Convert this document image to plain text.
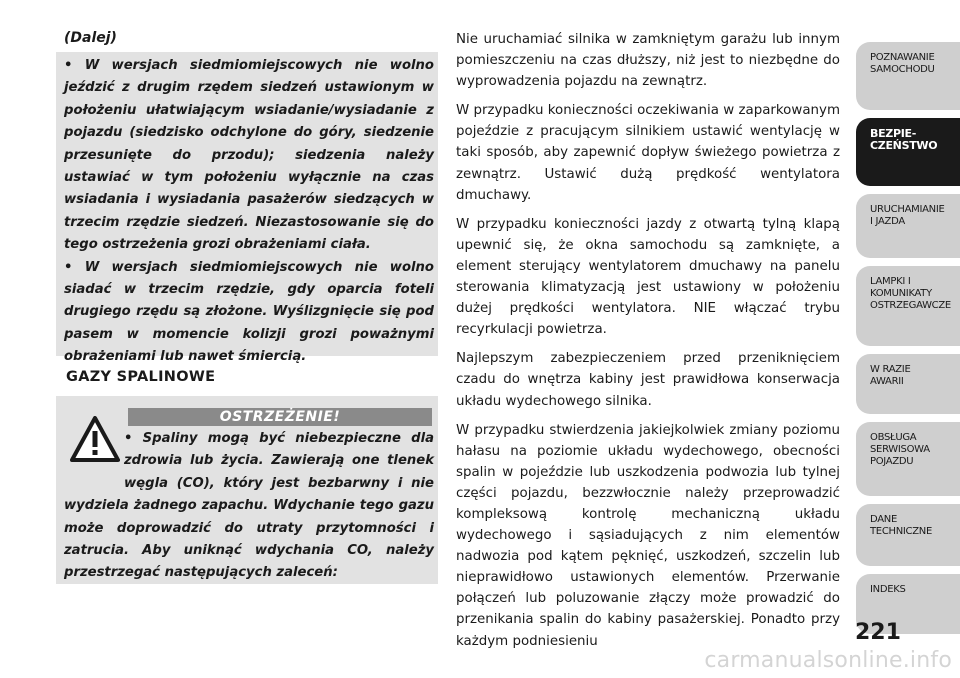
(Dalej)

• W wersjach siedmiomiejscowych nie wolno jeździć z drugim rzędem siedzeń ustawionym w położeniu ułatwiającym wsiadanie/wysiadanie z pojazdu (siedzisko odchylone do góry, siedzenie przesunięte do przodu); siedzenia należy ustawiać w tym położeniu wyłącznie na czas wsiadania i wysiadania pasażerów siedzących w trzecim rzędzie siedzeń. Niezastosowanie się do tego ostrzeżenia grozi obrażeniami ciała.

• W wersjach siedmiomiejscowych nie wolno siadać w trzecim rzędzie, gdy oparcia foteli drugiego rzędu są złożone. Wyślizgnięcie się pod pasem w momencie kolizji grozi poważnymi obrażeniami lub nawet śmiercią.

GAZY SPALINOWE
OSTRZEŻENIE!
• Spaliny mogą być niebezpieczne dla zdrowia lub życia. Zawierają one tlenek węgla (CO), który jest bezbarwny i nie wydziela żadnego zapachu. Wdychanie tego gazu może doprowadzić do utraty przytomności i zatrucia. Aby uniknąć wdychania CO, należy przestrzegać następujących zaleceń:

Nie uruchamiać silnika w zamkniętym garażu lub innym pomieszczeniu na czas dłuższy, niż jest to niezbędne do wyprowadzenia pojazdu na zewnątrz.

W przypadku konieczności oczekiwania w zaparkowanym pojeździe z pracującym silnikiem ustawić wentylację w taki sposób, aby zapewnić dopływ świeżego powietrza z zewnątrz. Ustawić dużą prędkość wentylatora dmuchawy.

W przypadku konieczności jazdy z otwartą tylną klapą upewnić się, że okna samochodu są zamknięte, a element sterujący wentylatorem dmuchawy na panelu sterowania klimatyzacją jest ustawiony w położeniu dużej prędkości wentylatora. NIE włączać trybu recyrkulacji powietrza.

Najlepszym zabezpieczeniem przed przeniknięciem czadu do wnętrza kabiny jest prawidłowa konserwacja układu wydechowego silnika.

W przypadku stwierdzenia jakiejkolwiek zmiany poziomu hałasu na poziomie układu wydechowego, obecności spalin w pojeździe lub uszkodzenia podwozia lub tylnej części pojazdu, bezzwłocznie należy przeprowadzić kompleksową kontrolę mechaniczną układu wydechowego i sąsiadujących z nim elementów nadwozia pod kątem pęknięć, uszkodzeń, szczelin lub nieprawidłowo ustawionych elementów. Przerwanie połączeń lub poluzowanie złączy może prowadzić do przenikania spalin do kabiny pasażerskiej. Ponadto przy każdym podniesieniu

POZNAWANIE
SAMOCHODU
BEZPIE-
CZEŃSTWO
URUCHAMIANIE
I JAZDA
LAMPKI I
KOMUNIKATY
OSTRZEGAWCZE
W RAZIE
AWARII
OBSŁUGA
SERWISOWA
POJAZDU
DANE
TECHNICZNE
INDEKS
221
carmanualsonline.info
